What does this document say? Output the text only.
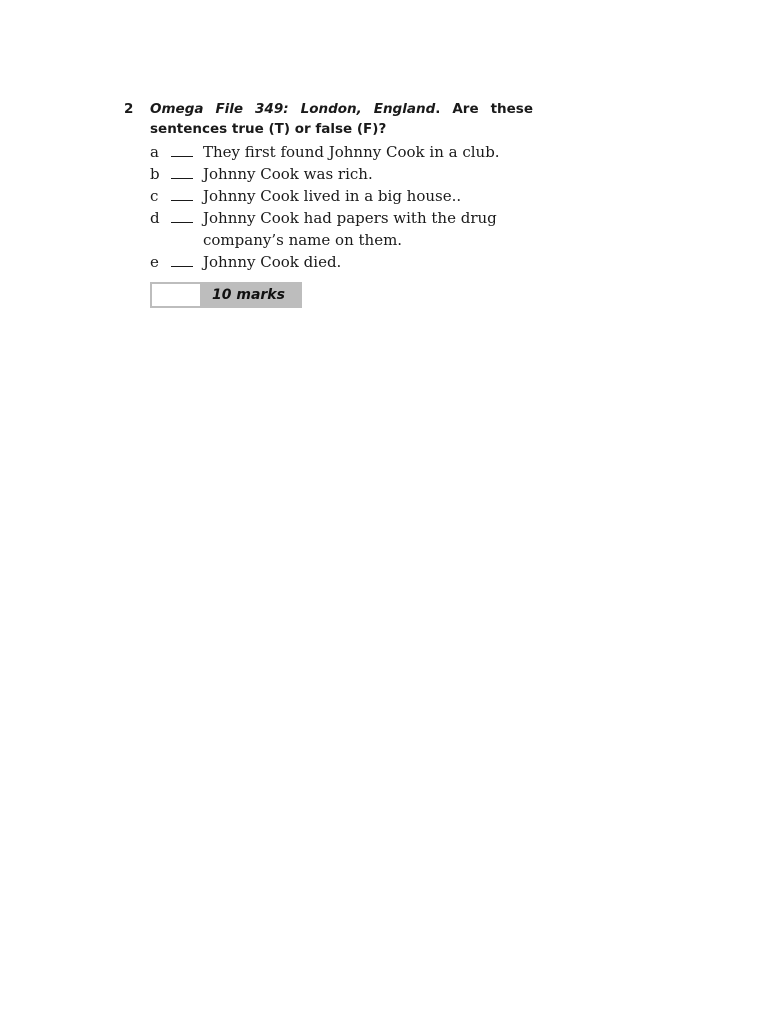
2 Omega File 349: London, England. Are these sentences true (T) or false (F)?
a	They first found Johnny Cook in a club.
b	Johnny Cook was rich.
c	Johnny Cook lived in a big house..
d	Johnny Cook had papers with the drug company’s name on them.
e	Johnny Cook died.
10 marks
